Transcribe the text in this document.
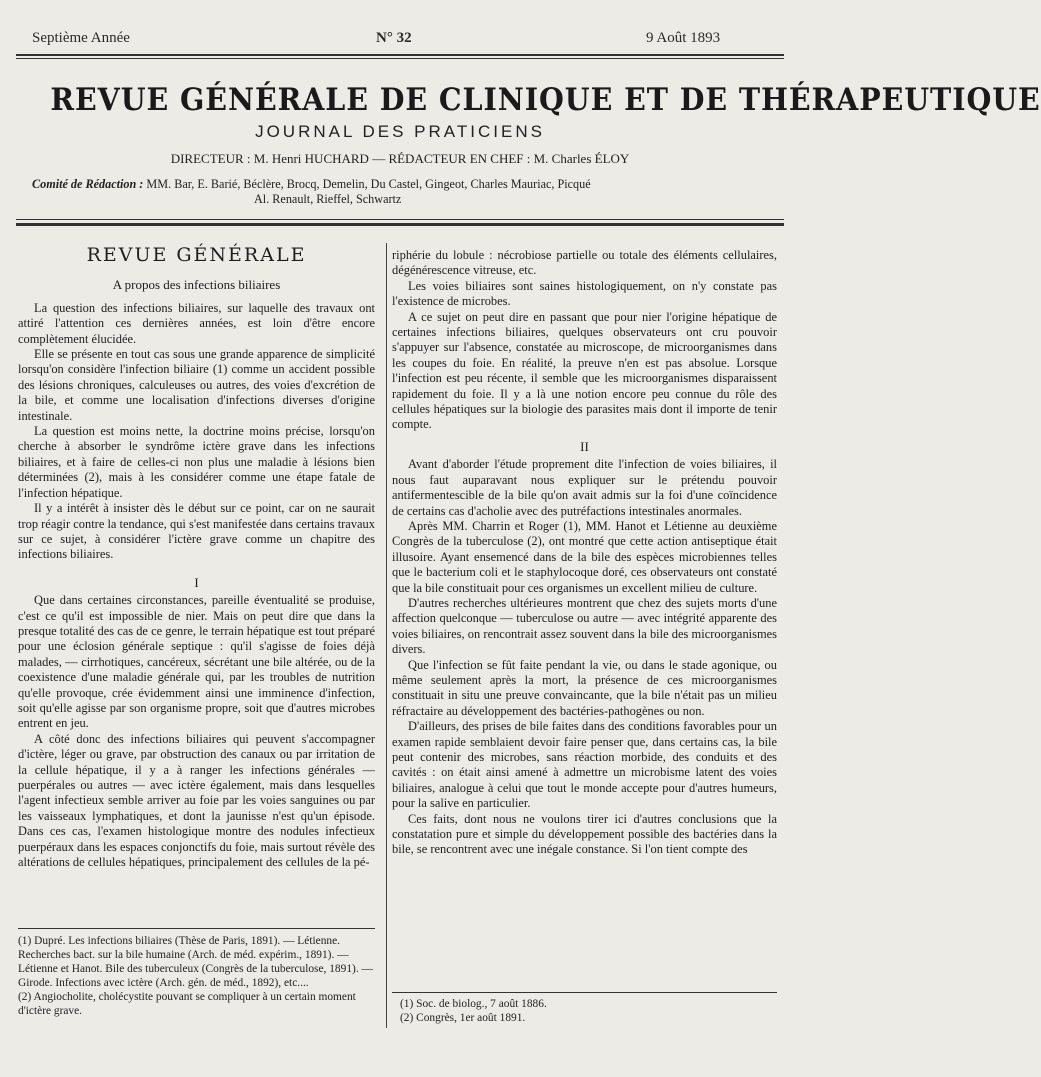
Septième Année	N° 32	9 Août 1893
REVUE GÉNÉRALE DE CLINIQUE ET DE THÉRAPEUTIQUE
JOURNAL DES PRATICIENS
DIRECTEUR : M. Henri HUCHARD — RÉDACTEUR EN CHEF : M. Charles ÉLOY
Comité de Rédaction : MM. Bar, E. Barié, Béclère, Brocq, Demelin, Du Castel, Gingeot, Charles Mauriac, Picqué
Al. Renault, Rieffel, Schwartz
REVUE GÉNÉRALE
A propos des infections biliaires

La question des infections biliaires, sur laquelle des travaux ont attiré l'attention ces dernières années, est loin d'être encore complètement élucidée.

Elle se présente en tout cas sous une grande apparence de simplicité lorsqu'on considère l'infection biliaire (1) comme un accident possible des lésions chroniques, calculeuses ou autres, des voies d'excrétion de la bile, et comme une localisation d'infections diverses d'origine intestinale.

La question est moins nette, la doctrine moins précise, lorsqu'on cherche à absorber le syndrôme ictère grave dans les infections biliaires, et à faire de celles-ci non plus une maladie à lésions bien déterminées (2), mais à les considérer comme une étape fatale de l'infection hépatique.

Il y a intérêt à insister dès le début sur ce point, car on ne saurait trop réagir contre la tendance, qui s'est manifestée dans certains travaux sur ce sujet, à considérer l'ictère grave comme un chapitre des infections biliaires.

I

Que dans certaines circonstances, pareille éventualité se produise, c'est ce qu'il est impossible de nier. Mais on peut dire que dans la presque totalité des cas de ce genre, le terrain hépatique est tout préparé pour une éclosion générale septique : qu'il s'agisse de foies déjà malades, — cirrhotiques, cancéreux, sécrétant une bile altérée, ou de la coexistence d'une maladie générale qui, par les troubles de nutrition qu'elle provoque, crée évidemment ainsi une imminence d'infection, soit qu'elle agisse par son organisme propre, soit que d'autres microbes entrent en jeu.

A côté donc des infections biliaires qui peuvent s'accompagner d'ictère, léger ou grave, par obstruction des canaux ou par irritation de la cellule hépatique, il y a à ranger les infections générales — puerpérales ou autres — avec ictère également, mais dans lesquelles l'agent infectieux semble arriver au foie par les voies sanguines ou par les vaisseaux lymphatiques, et dont la jaunisse n'est qu'un épisode. Dans ces cas, l'examen histologique montre des nodules infectieux puerpéraux dans les espaces conjonctifs du foie, mais surtout révèle des altérations de cellules hépatiques, principalement des cellules de la pé-

(1) Dupré. Les infections biliaires (Thèse de Paris, 1891). — Létienne. Recherches bact. sur la bile humaine (Arch. de méd. expérim., 1891). — Létienne et Hanot. Bile des tuberculeux (Congrès de la tuberculose, 1891). — Girode. Infections avec ictère (Arch. gén. de méd., 1892), etc....

(2) Angiocholite, cholécystite pouvant se compliquer à un certain moment d'ictère grave.

riphérie du lobule : nécrobiose partielle ou totale des éléments cellulaires, dégénérescence vitreuse, etc.

Les voies biliaires sont saines histologiquement, on n'y constate pas l'existence de microbes.

A ce sujet on peut dire en passant que pour nier l'origine hépatique de certaines infections biliaires, quelques observateurs ont cru pouvoir s'appuyer sur l'absence, constatée au microscope, de microorganismes dans les coupes du foie. En réalité, la preuve n'en est pas absolue. Lorsque l'infection est peu récente, il semble que les microorganismes disparaissent rapidement du foie. Il y a là une notion encore peu connue du rôle des cellules hépatiques sur la biologie des parasites mais dont il importe de tenir compte.

II

Avant d'aborder l'étude proprement dite l'infection de voies biliaires, il nous faut auparavant nous expliquer sur le prétendu pouvoir antifermentescible de la bile qu'on avait admis sur la foi d'une coïncidence de certains cas d'acholie avec des putréfactions intestinales anormales.

Après MM. Charrin et Roger (1), MM. Hanot et Létienne au deuxième Congrès de la tuberculose (2), ont montré que cette action antiseptique était illusoire. Ayant ensemencé dans de la bile des espèces microbiennes telles que le bacterium coli et le staphylocoque doré, ces observateurs ont constaté que la bile constituait pour ces organismes un excellent milieu de culture.

D'autres recherches ultérieures montrent que chez des sujets morts d'une affection quelconque — tuberculose ou autre — avec intégrité apparente des voies biliaires, on rencontrait assez souvent dans la bile des microorganismes divers.

Que l'infection se fût faite pendant la vie, ou dans le stade agonique, ou même seulement après la mort, la présence de ces microorganismes constituait in situ une preuve convaincante, que la bile n'était pas un milieu réfractaire au développement des bactéries-pathogènes ou non.

D'ailleurs, des prises de bile faites dans des conditions favorables pour un examen rapide semblaient devoir faire penser que, dans certains cas, la bile peut contenir des microbes, sans réaction morbide, des conduits et des cavités : on était ainsi amené à admettre un microbisme latent des voies biliaires, analogue à celui que tout le monde accepte pour d'autres humeurs, pour la salive en particulier.

Ces faits, dont nous ne voulons tirer ici d'autres conclusions que la constatation pure et simple du développement possible des bactéries dans la bile, se rencontrent avec une inégale constance. Si l'on tient compte des

(1) Soc. de biolog., 7 août 1886.

(2) Congrès, 1er août 1891.
